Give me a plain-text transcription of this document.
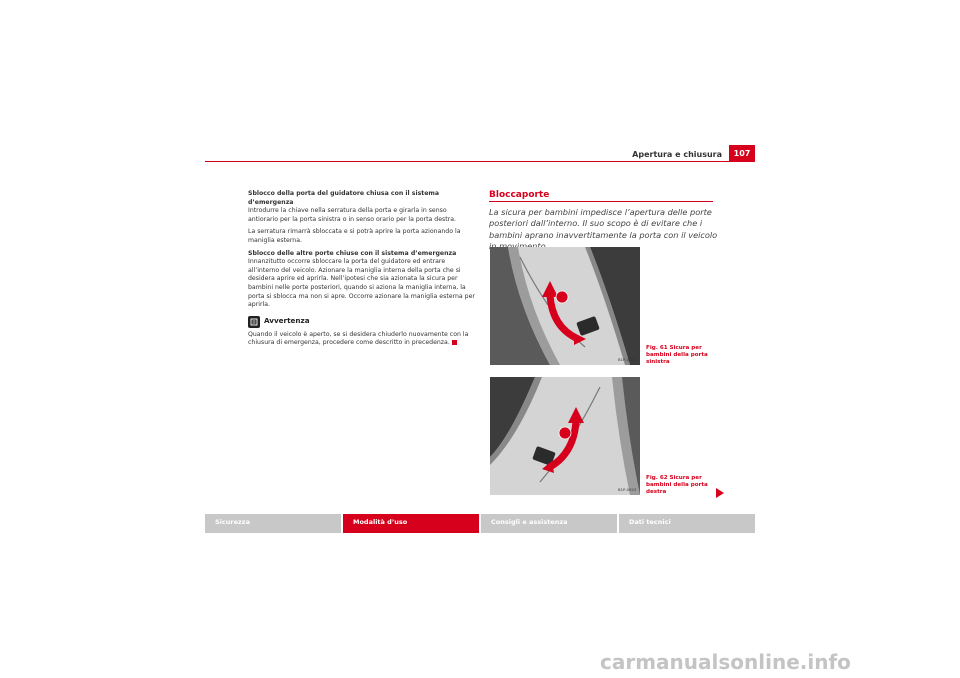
Apertura e chiusura	107

Sblocco della porta del guidatore chiusa con il sistema d’emergenza

Introdurre la chiave nella serratura della porta e girarla in senso antiorario per la porta sinistra o in senso orario per la porta destra.

La serratura rimarrà sbloccata e si potrà aprire la porta azionando la maniglia esterna.

Sblocco delle altre porte chiuse con il sistema d’emergenza

Innanzitutto occorre sbloccare la porta del guidatore ed entrare all’interno del veicolo. Azionare la maniglia interna della porta che si desidera aprire ed aprirla. Nell’ipotesi che sia azionata la sicura per bambini nelle porte posteriori, quando si aziona la maniglia interna, la porta si sblocca ma non si apre. Occorre azionare la maniglia esterna per aprirla.

Avvertenza

Quando il veicolo è aperto, se si desidera chiuderlo nuovamente con la chiusura di emergenza, procedere come descritto in precedenza.

Bloccaporte
La sicura per bambini impedisce l’apertura delle porte posteriori dall’interno. Il suo scopo è di evitare che i bambini aprano inavvertitamente la porta con il veicolo
B1P-0022
Fig. 61 Sicura per bambini della porta sinistra
B1P-0023
Fig. 62 Sicura per bambini della porta destra
Sicurezza	Modalità d’uso	Consigli e assistenza	Dati tecnici
carmanualsonline.info
